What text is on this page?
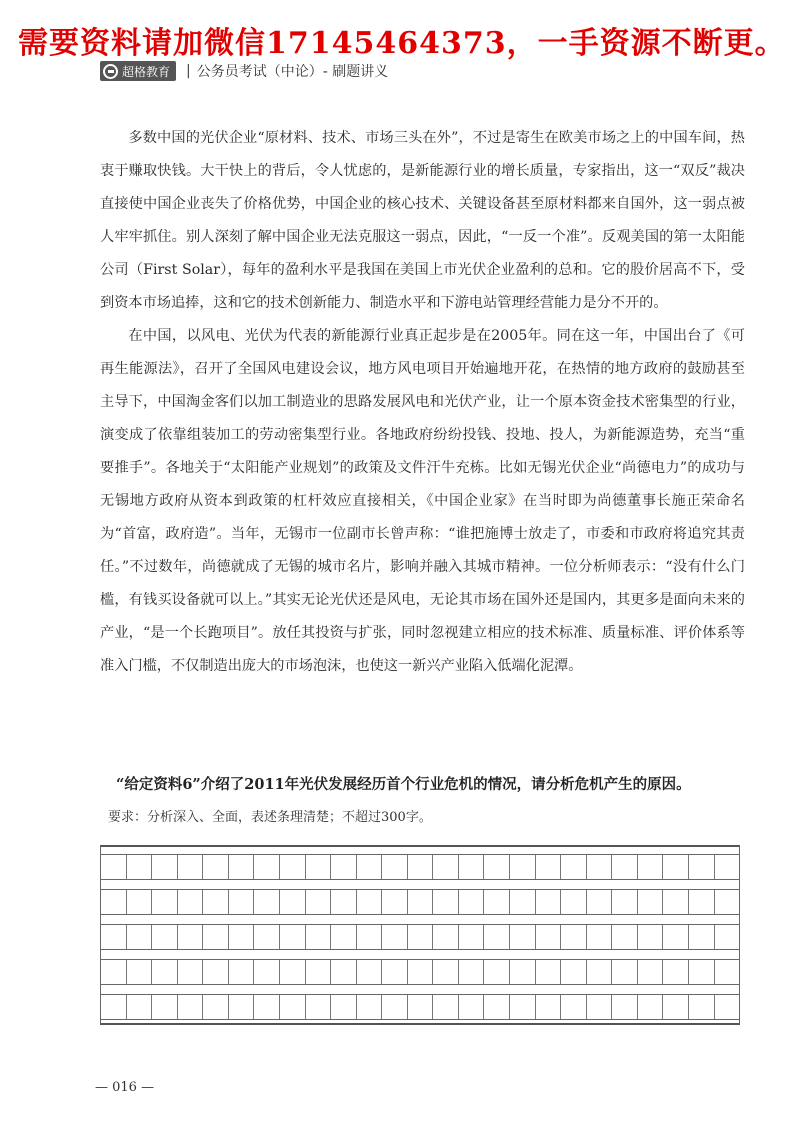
需要资料请加微信17145464373，一手资源不断更。
超格教育 | 公务员考试（中论）- 刷题讲义

多数中国的光伏企业“原材料、技术、市场三头在外”，不过是寄生在欧美市场之上的中国车间，热衷于赚取快钱。大干快上的背后，令人忧虑的，是新能源行业的增长质量，专家指出，这一“双反”裁决直接使中国企业丧失了价格优势，中国企业的核心技术、关键设备甚至原材料都来自国外，这一弱点被人牢牢抓住。别人深刻了解中国企业无法克服这一弱点，因此，“一反一个准”。反观美国的第一太阳能公司（First Solar），每年的盈利水平是我国在美国上市光伏企业盈利的总和。它的股价居高不下，受到资本市场追捧，这和它的技术创新能力、制造水平和下游电站管理经营能力是分不开的。

在中国，以风电、光伏为代表的新能源行业真正起步是在2005年。同在这一年，中国出台了《可再生能源法》，召开了全国风电建设会议，地方风电项目开始遍地开花，在热情的地方政府的鼓励甚至主导下，中国淘金客们以加工制造业的思路发展风电和光伏产业，让一个原本资金技术密集型的行业，演变成了依靠组装加工的劳动密集型行业。各地政府纷纷投钱、投地、投人，为新能源造势，充当“重要推手”。各地关于“太阳能产业规划”的政策及文件汗牛充栋。比如无锡光伏企业“尚德电力”的成功与无锡地方政府从资本到政策的杠杆效应直接相关，《中国企业家》在当时即为尚德董事长施正荣命名为“首富，政府造”。当年，无锡市一位副市长曾声称：“谁把施博士放走了，市委和市政府将追究其责任。”不过数年，尚德就成了无锡的城市名片，影响并融入其城市精神。一位分析师表示：“没有什么门槛，有钱买设备就可以上。”其实无论光伏还是风电，无论其市场在国外还是国内，其更多是面向未来的产业，“是一个长跑项目”。放任其投资与扩张，同时忽视建立相应的技术标准、质量标准、评价体系等准入门槛，不仅制造出庞大的市场泡沫，也使这一新兴产业陷入低端化泥潭。

“给定资料6”介绍了2011年光伏发展经历首个行业危机的情况，请分析危机产生的原因。
要求：分析深入、全面，表述条理清楚；不超过300字。
— 016 —
